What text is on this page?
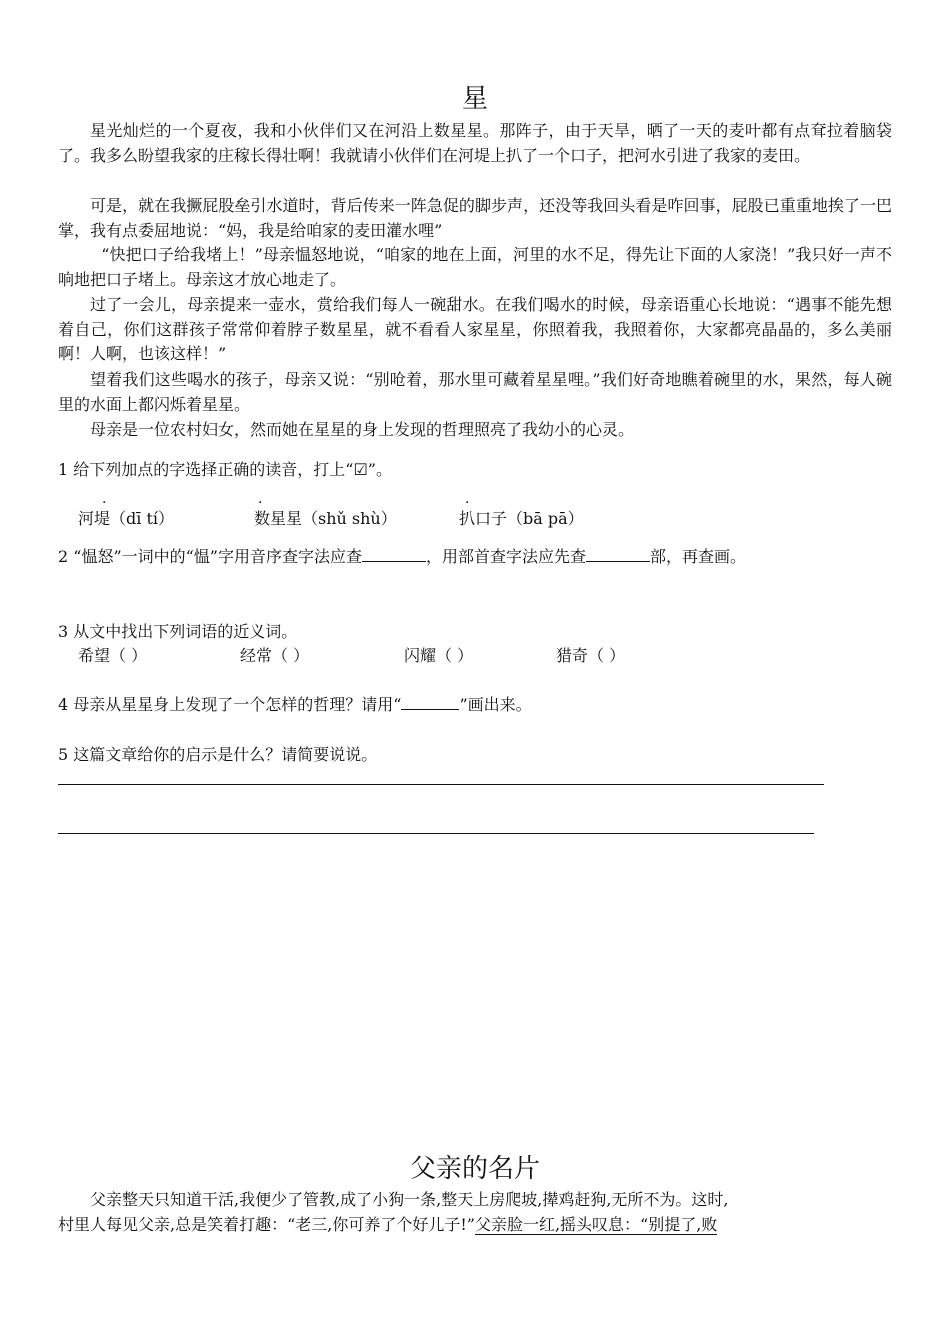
星

星光灿烂的一个夏夜，我和小伙伴们又在河沿上数星星。那阵子，由于天旱，晒了一天的麦叶都有点耷拉着脑袋了。我多么盼望我家的庄稼长得壮啊！我就请小伙伴们在河堤上扒了一个口子，把河水引进了我家的麦田。

可是，就在我撅屁股垒引水道时，背后传来一阵急促的脚步声，还没等我回头看是咋回事，屁股已重重地挨了一巴掌，我有点委屈地说：“妈，我是给咱家的麦田灌水哩”

“快把口子给我堵上！”母亲愠怒地说，“咱家的地在上面，河里的水不足，得先让下面的人家浇！”我只好一声不响地把口子堵上。母亲这才放心地走了。

过了一会儿，母亲提来一壶水，赏给我们每人一碗甜水。在我们喝水的时候，母亲语重心长地说：“遇事不能先想着自己，你们这群孩子常常仰着脖子数星星，就不看看人家星星，你照着我，我照着你，大家都亮晶晶的，多么美丽啊！人啊，也该这样！”

望着我们这些喝水的孩子，母亲又说：“别呛着，那水里可藏着星星哩。”我们好奇地瞧着碗里的水，果然，每人碗里的水面上都闪烁着星星。

母亲是一位农村妇女，然而她在星星的身上发现的哲理照亮了我幼小的心灵。

1 给下列加点的字选择正确的读音，打上“☑”。

.
河堤（dī tí）
.
数星星（shǔ shù）
.
扒口子（bā pā）

2 “愠怒”一词中的“愠”字用音序查字法应查	，用部首查字法应先查	部，再查画。

3 从文中找出下列词语的近义词。

希望（ ）	经常（ ）	闪耀（ ）	猎奇（ ）

4 母亲从星星身上发现了一个怎样的哲理？请用“	”画出来。

5 这篇文章给你的启示是什么？请简要说说。

父亲的名片

父亲整天只知道干活,我便少了管教,成了小狗一条,整天上房爬坡,撵鸡赶狗,无所不为。这时,
村里人每见父亲,总是笑着打趣：“老三,你可养了个好儿子!”父亲脸一红,摇头叹息：“别提了,败
